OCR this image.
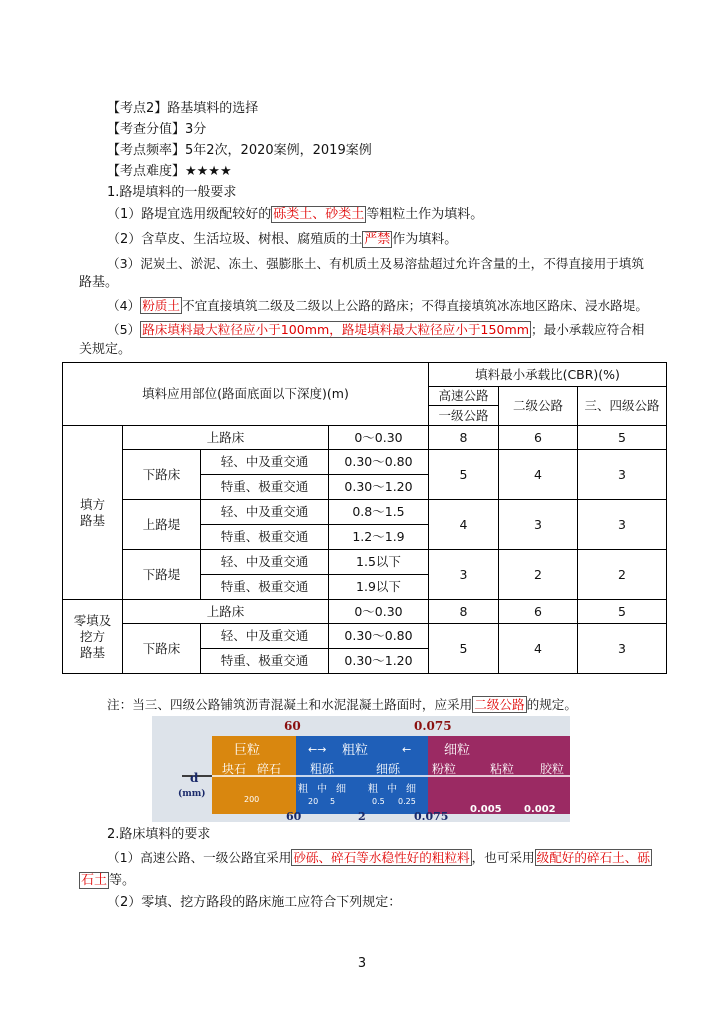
【考点2】路基填料的选择
【考查分值】3分
【考点频率】5年2次，2020案例，2019案例
【考点难度】★★★★
1.路堤填料的一般要求
（1）路堤宜选用级配较好的 砾类土、砂类土 等粗粒土作为填料。
（2）含草皮、生活垃圾、树根、腐殖质的土 严禁 作为填料。
（3）泥炭土、淤泥、冻土、强膨胀土、有机质土及易溶盐超过允许含量的土，不得直接用于填筑
路基。
（4） 粉质土 不宜直接填筑二级及二级以上公路的路床；不得直接填筑冰冻地区路床、浸水路堤。
（5） 路床填料最大粒径应小于100mm，路堤填料最大粒径应小于150mm ；最小承载应符合相
关规定。
填料应用部位(路面底面以下深度)(m)				填料最小承载比(CBR)(%)		

				高速公路
一级公路	二级公路	三、四级公路

填方
路基	上路床		0～0.30	8	6	5
	下路床	轻、中及重交通	0.30～0.80	5	4	3
		特重、极重交通	0.30～1.20			
	上路堤	轻、中及重交通	0.8～1.5	4	3	3
		特重、极重交通	1.2～1.9			
	下路堤	轻、中及重交通	1.5以下	3	2	2
		特重、极重交通	1.9以下			

零填及
挖方
路基	上路床		0～0.30	8	6	5
	下路床	轻、中及重交通	0.30～0.80	5	4	3
		特重、极重交通	0.30～1.20			
注：当三、四级公路铺筑沥青混凝土和水泥混凝土路面时，应采用 二级公路 的规定。
60	0.075
巨粒	粗粒	细粒
←→	←
块石 碎石 粗砾	细砾	粉粒	粘粒 胶粒
d
(mm)
200
粗 中 细
20 5
粗 中 细
0.5 0.25
0.005 0.002
60	2	0.075
2.路床填料的要求
（1）高速公路、一级公路宜采用 砂砾、碎石等水稳性好的粗粒料 ，也可采用 级配好的碎石土、砾
石土 等。
（2）零填、挖方路段的路床施工应符合下列规定：
3
